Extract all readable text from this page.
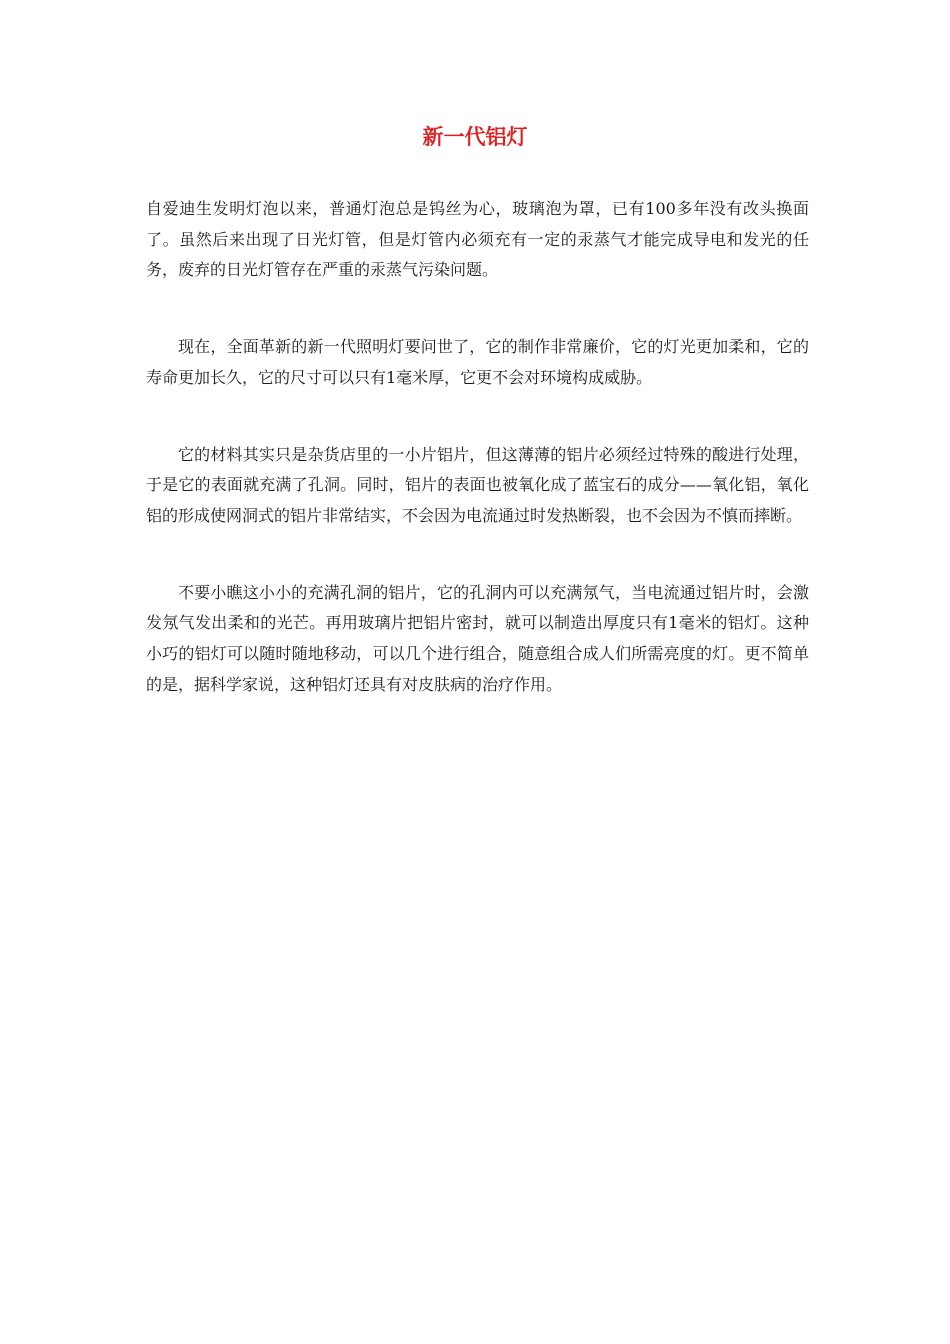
新一代铝灯

自爱迪生发明灯泡以来，普通灯泡总是钨丝为心，玻璃泡为罩，已有100多年没有改头换面了。虽然后来出现了日光灯管，但是灯管内必须充有一定的汞蒸气才能完成导电和发光的任务，废弃的日光灯管存在严重的汞蒸气污染问题。

现在，全面革新的新一代照明灯要问世了，它的制作非常廉价，它的灯光更加柔和，它的寿命更加长久，它的尺寸可以只有1毫米厚，它更不会对环境构成威胁。

它的材料其实只是杂货店里的一小片铝片，但这薄薄的铝片必须经过特殊的酸进行处理，于是它的表面就充满了孔洞。同时，铝片的表面也被氧化成了蓝宝石的成分——氧化铝，氧化铝的形成使网洞式的铝片非常结实，不会因为电流通过时发热断裂，也不会因为不慎而摔断。

不要小瞧这小小的充满孔洞的铝片，它的孔洞内可以充满氖气，当电流通过铝片时，会激发氖气发出柔和的光芒。再用玻璃片把铝片密封，就可以制造出厚度只有1毫米的铝灯。这种小巧的铝灯可以随时随地移动，可以几个进行组合，随意组合成人们所需亮度的灯。更不简单的是，据科学家说，这种铝灯还具有对皮肤病的治疗作用。
